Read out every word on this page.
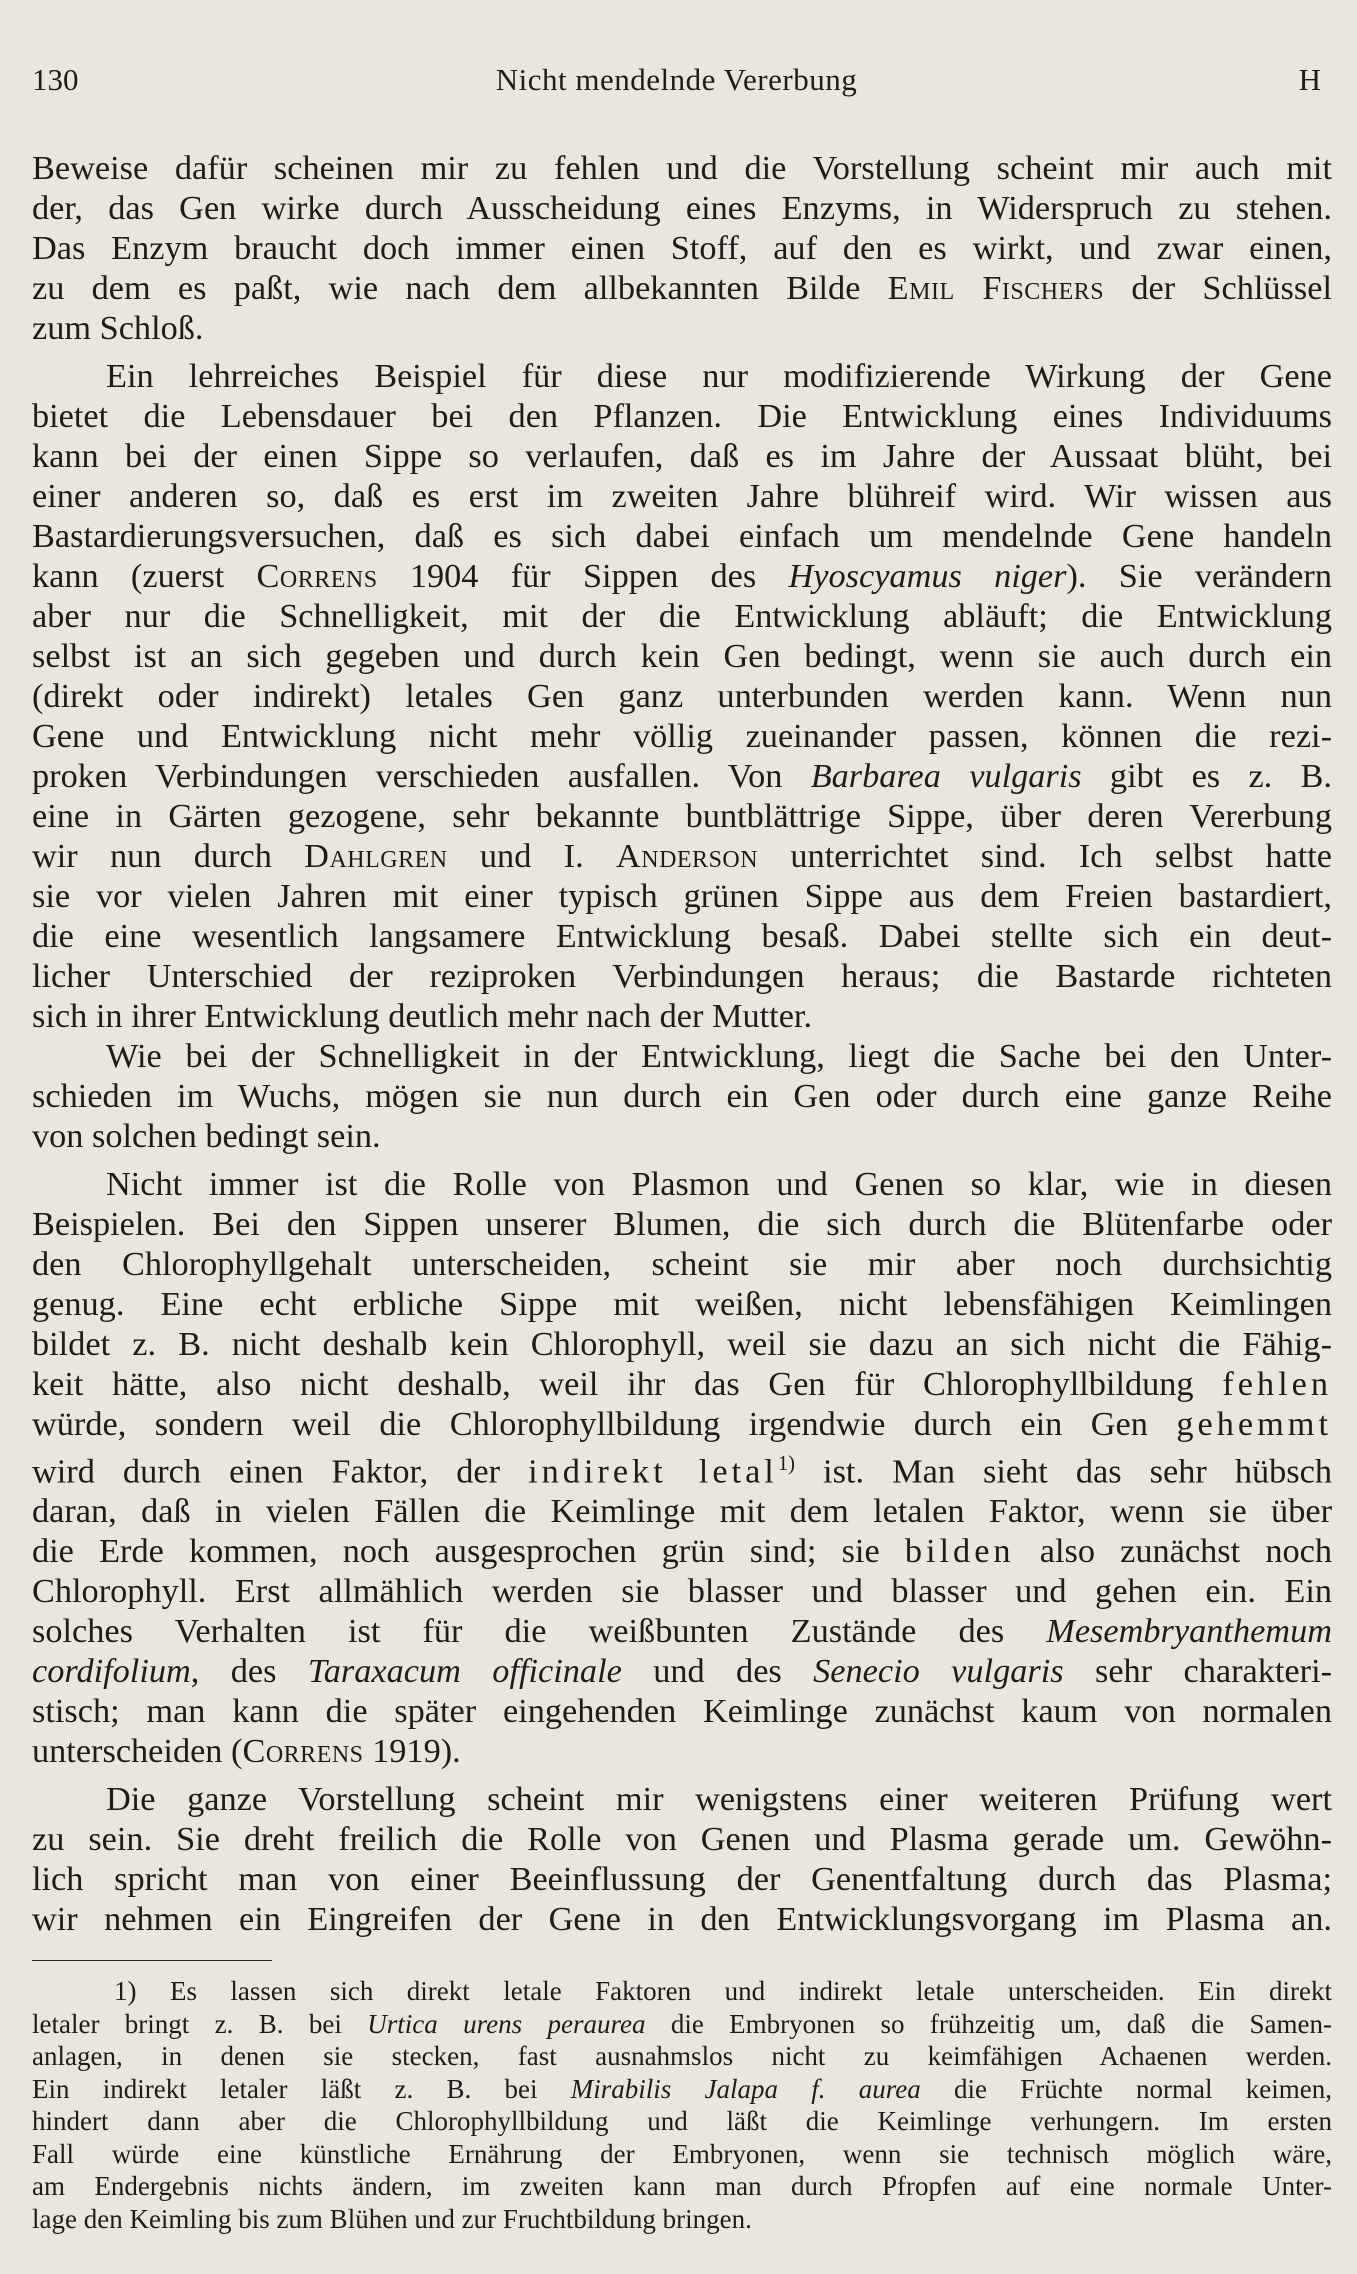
130	Nicht mendelnde Vererbung	H

Beweise dafür scheinen mir zu fehlen und die Vorstellung scheint mir auch mit
der, das Gen wirke durch Ausscheidung eines Enzyms, in Widerspruch zu stehen.
Das Enzym braucht doch immer einen Stoff, auf den es wirkt, und zwar einen,
zu dem es paßt, wie nach dem allbekannten Bilde Emil Fischers der Schlüssel
zum Schloß.

Ein lehrreiches Beispiel für diese nur modifizierende Wirkung der Gene
bietet die Lebensdauer bei den Pflanzen. Die Entwicklung eines Individuums
kann bei der einen Sippe so verlaufen, daß es im Jahre der Aussaat blüht, bei
einer anderen so, daß es erst im zweiten Jahre blühreif wird. Wir wissen aus
Bastardierungsversuchen, daß es sich dabei einfach um mendelnde Gene handeln
kann (zuerst Correns 1904 für Sippen des Hyoscyamus niger). Sie verändern
aber nur die Schnelligkeit, mit der die Entwicklung abläuft; die Entwicklung
selbst ist an sich gegeben und durch kein Gen bedingt, wenn sie auch durch ein
(direkt oder indirekt) letales Gen ganz unterbunden werden kann. Wenn nun
Gene und Entwicklung nicht mehr völlig zueinander passen, können die rezi-
proken Verbindungen verschieden ausfallen. Von Barbarea vulgaris gibt es z. B.
eine in Gärten gezogene, sehr bekannte buntblättrige Sippe, über deren Vererbung
wir nun durch Dahlgren und I. Anderson unterrichtet sind. Ich selbst hatte
sie vor vielen Jahren mit einer typisch grünen Sippe aus dem Freien bastardiert,
die eine wesentlich langsamere Entwicklung besaß. Dabei stellte sich ein deut-
licher Unterschied der reziproken Verbindungen heraus; die Bastarde richteten
sich in ihrer Entwicklung deutlich mehr nach der Mutter.

Wie bei der Schnelligkeit in der Entwicklung, liegt die Sache bei den Unter-
schieden im Wuchs, mögen sie nun durch ein Gen oder durch eine ganze Reihe
von solchen bedingt sein.

Nicht immer ist die Rolle von Plasmon und Genen so klar, wie in diesen
Beispielen. Bei den Sippen unserer Blumen, die sich durch die Blütenfarbe oder
den Chlorophyllgehalt unterscheiden, scheint sie mir aber noch durchsichtig
genug. Eine echt erbliche Sippe mit weißen, nicht lebensfähigen Keimlingen
bildet z. B. nicht deshalb kein Chlorophyll, weil sie dazu an sich nicht die Fähig-
keit hätte, also nicht deshalb, weil ihr das Gen für Chlorophyllbildung fehlen
würde, sondern weil die Chlorophyllbildung irgendwie durch ein Gen gehemmt
wird durch einen Faktor, der indirekt letal$^{1)}$ ist. Man sieht das sehr hübsch
daran, daß in vielen Fällen die Keimlinge mit dem letalen Faktor, wenn sie über
die Erde kommen, noch ausgesprochen grün sind; sie bilden also zunächst noch
Chlorophyll. Erst allmählich werden sie blasser und blasser und gehen ein. Ein
solches Verhalten ist für die weißbunten Zustände des Mesembryanthemum
cordifolium, des Taraxacum officinale und des Senecio vulgaris sehr charakteri-
stisch; man kann die später eingehenden Keimlinge zunächst kaum von normalen
unterscheiden (Correns 1919).

Die ganze Vorstellung scheint mir wenigstens einer weiteren Prüfung wert
zu sein. Sie dreht freilich die Rolle von Genen und Plasma gerade um. Gewöhn-
lich spricht man von einer Beeinflussung der Genentfaltung durch das Plasma;
wir nehmen ein Eingreifen der Gene in den Entwicklungsvorgang im Plasma an.

1) Es lassen sich direkt letale Faktoren und indirekt letale unterscheiden. Ein direkt
letaler bringt z. B. bei Urtica urens peraurea die Embryonen so frühzeitig um, daß die Samen-
anlagen, in denen sie stecken, fast ausnahmslos nicht zu keimfähigen Achaenen werden.
Ein indirekt letaler läßt z. B. bei Mirabilis Jalapa f. aurea die Früchte normal keimen,
hindert dann aber die Chlorophyllbildung und läßt die Keimlinge verhungern. Im ersten
Fall würde eine künstliche Ernährung der Embryonen, wenn sie technisch möglich wäre,
am Endergebnis nichts ändern, im zweiten kann man durch Pfropfen auf eine normale Unter-
lage den Keimling bis zum Blühen und zur Fruchtbildung bringen.
